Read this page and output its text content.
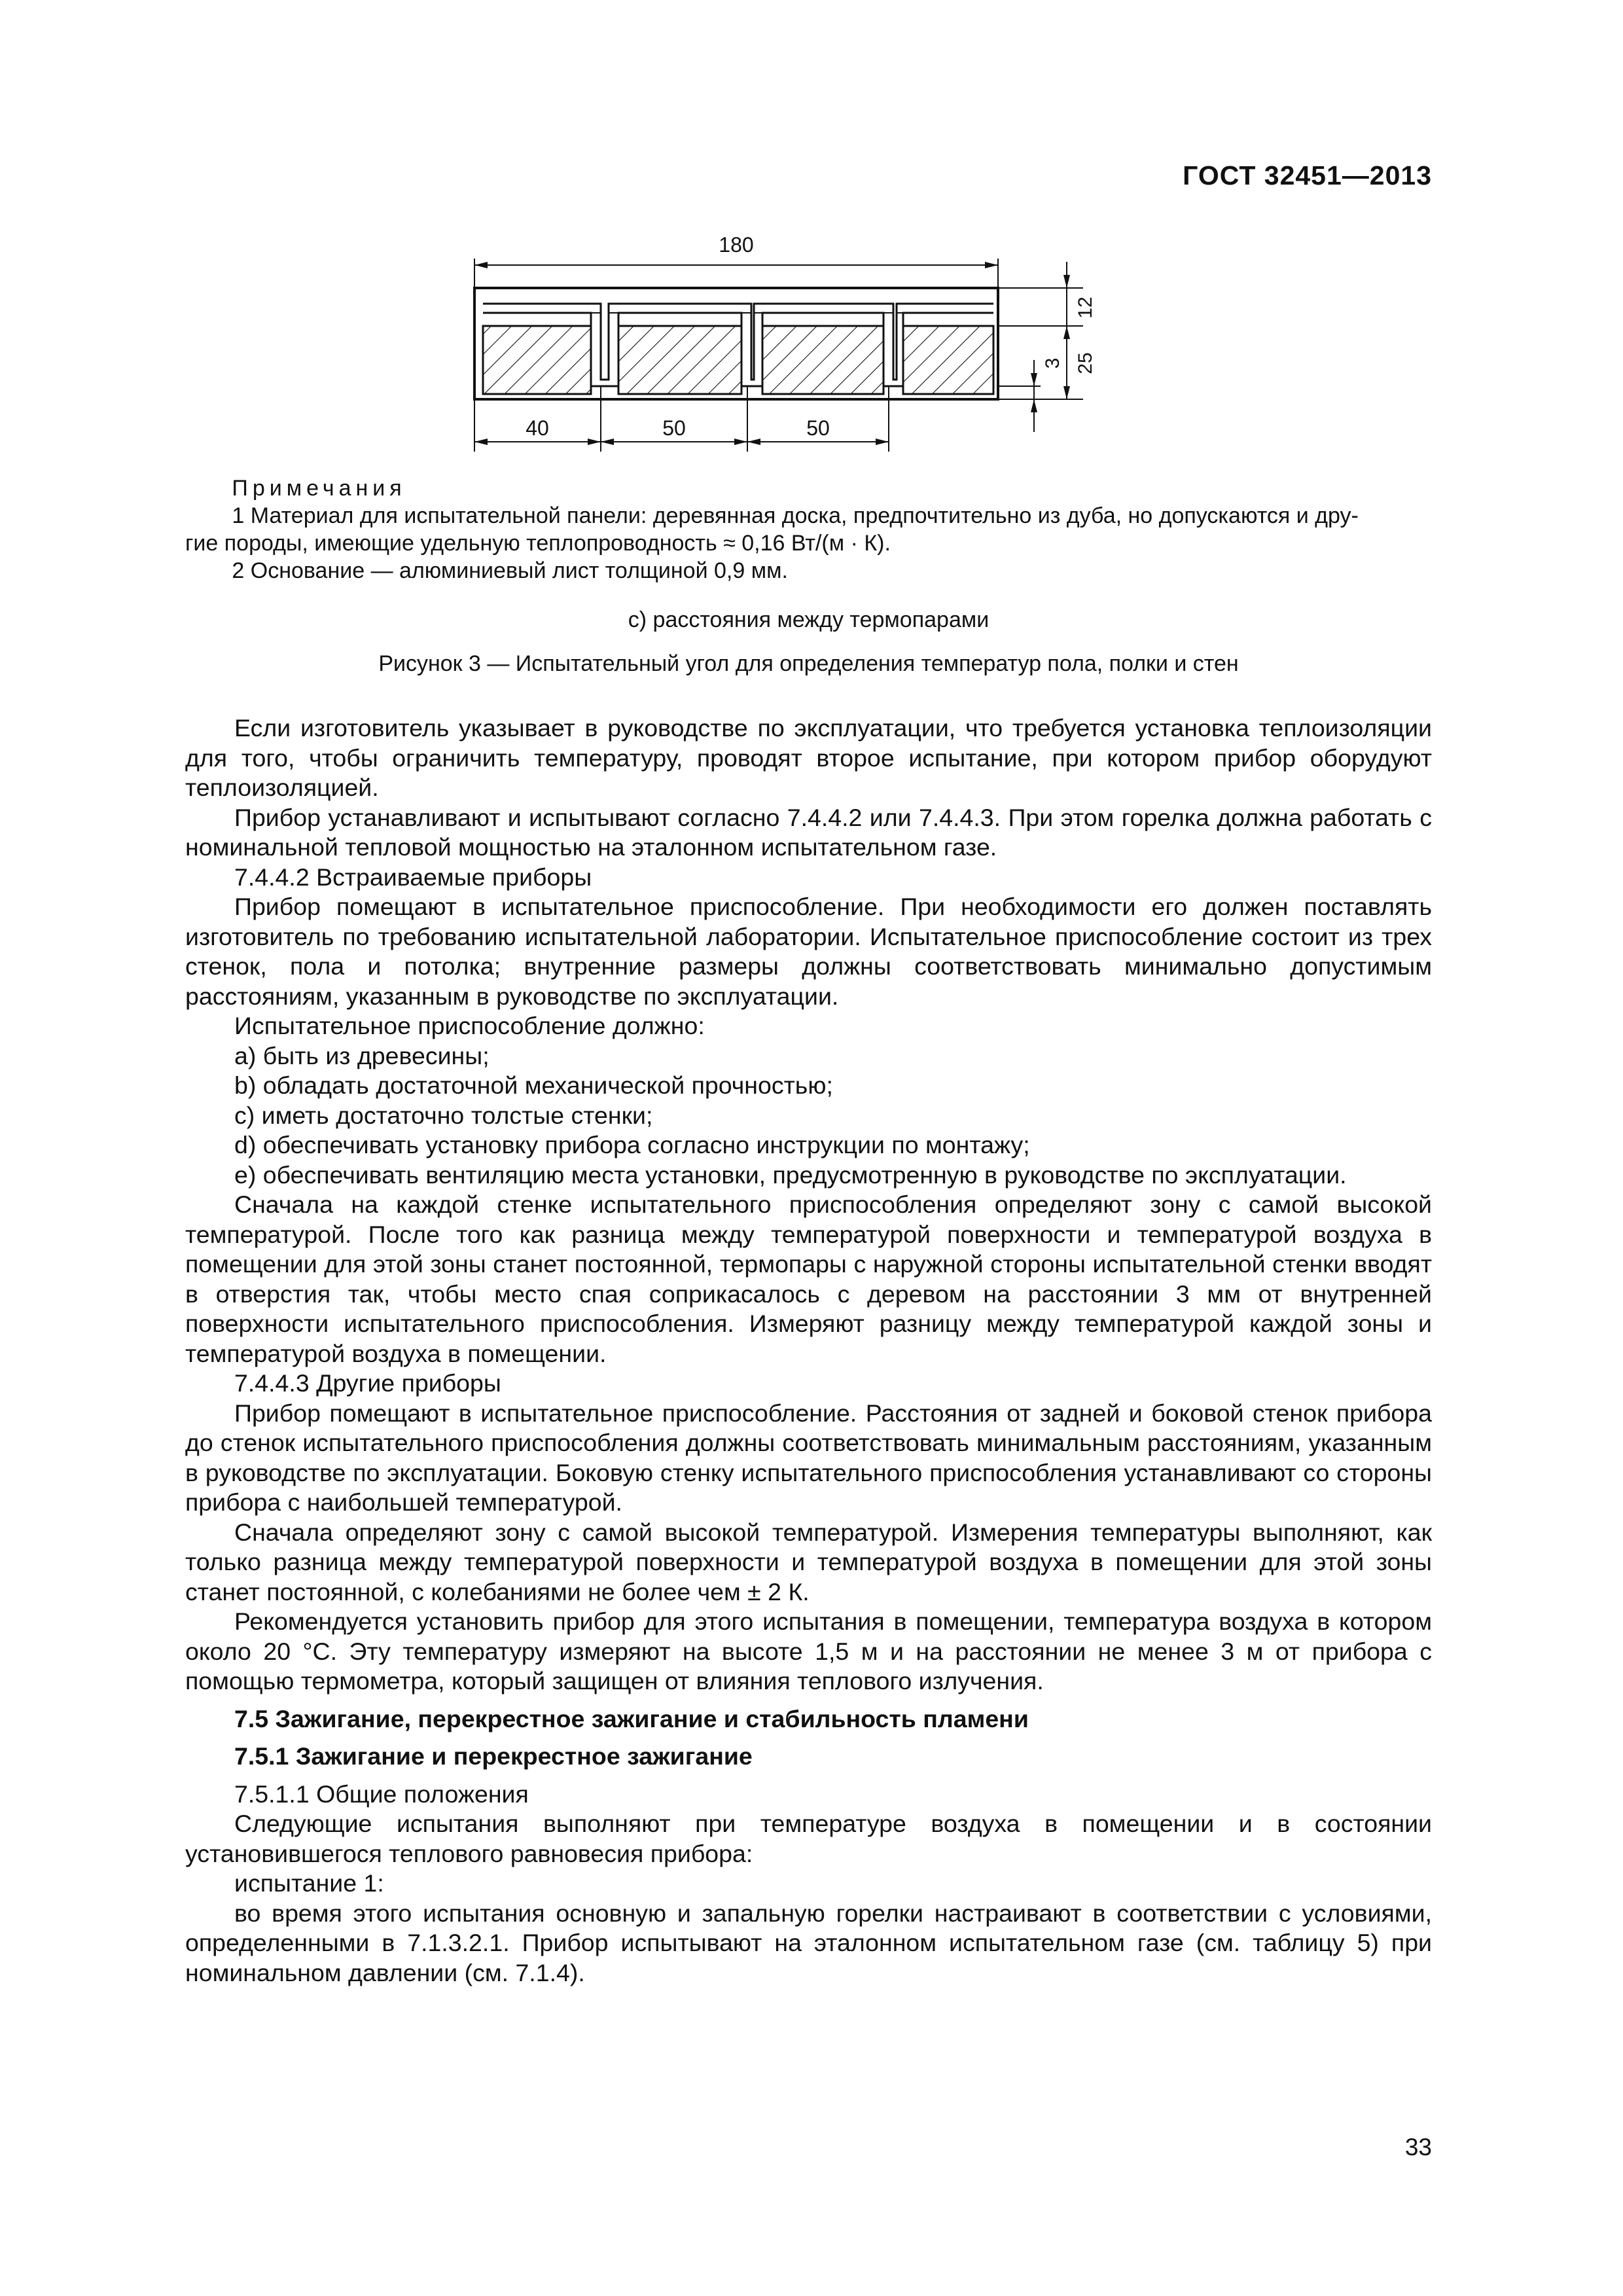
ГОСТ 32451—2013
180
12
25
3
40	50	50

Примечания

1 Материал для испытательной панели: деревянная доска, предпочтительно из дуба, но допускаются и дру-

гие породы, имеющие удельную теплопроводность ≈ 0,16 Вт/(м · К).

2 Основание — алюминиевый лист толщиной 0,9 мм.

с) расстояния между термопарами
Рисунок 3 — Испытательный угол для определения температур пола, полки и стен

Если изготовитель указывает в руководстве по эксплуатации, что требуется установка теплоизоляции для того, чтобы ограничить температуру, проводят второе испытание, при котором прибор оборудуют теплоизоляцией.

Прибор устанавливают и испытывают согласно 7.4.4.2 или 7.4.4.3. При этом горелка должна работать с номинальной тепловой мощностью на эталонном испытательном газе.

7.4.4.2 Встраиваемые приборы

Прибор помещают в испытательное приспособление. При необходимости его должен поставлять изготовитель по требованию испытательной лаборатории. Испытательное приспособление состоит из трех стенок, пола и потолка; внутренние размеры должны соответствовать минимально допустимым расстояниям, указанным в руководстве по эксплуатации.

Испытательное приспособление должно:

а) быть из древесины;

b) обладать достаточной механической прочностью;

с) иметь достаточно толстые стенки;

d) обеспечивать установку прибора согласно инструкции по монтажу;

е) обеспечивать вентиляцию места установки, предусмотренную в руководстве по эксплуатации.

Сначала на каждой стенке испытательного приспособления определяют зону с самой высокой температурой. После того как разница между температурой поверхности и температурой воздуха в помещении для этой зоны станет постоянной, термопары с наружной стороны испытательной стенки вводят в отверстия так, чтобы место спая соприкасалось с деревом на расстоянии 3 мм от внутренней поверхности испытательного приспособления. Измеряют разницу между температурой каждой зоны и температурой воздуха в помещении.

7.4.4.3 Другие приборы

Прибор помещают в испытательное приспособление. Расстояния от задней и боковой стенок прибора до стенок испытательного приспособления должны соответствовать минимальным расстояниям, указанным в руководстве по эксплуатации. Боковую стенку испытательного приспособления устанавливают со стороны прибора с наибольшей температурой.

Сначала определяют зону с самой высокой температурой. Измерения температуры выполняют, как только разница между температурой поверхности и температурой воздуха в помещении для этой зоны станет постоянной, с колебаниями не более чем ± 2 К.

Рекомендуется установить прибор для этого испытания в помещении, температура воздуха в котором около 20 °С. Эту температуру измеряют на высоте 1,5 м и на расстоянии не менее 3 м от прибора с помощью термометра, который защищен от влияния теплового излучения.

7.5 Зажигание, перекрестное зажигание и стабильность пламени

7.5.1 Зажигание и перекрестное зажигание

7.5.1.1 Общие положения

Следующие испытания выполняют при температуре воздуха в помещении и в состоянии установившегося теплового равновесия прибора:

испытание 1:

во время этого испытания основную и запальную горелки настраивают в соответствии с условиями, определенными в 7.1.3.2.1. Прибор испытывают на эталонном испытательном газе (см. таблицу 5) при номинальном давлении (см. 7.1.4).

33
